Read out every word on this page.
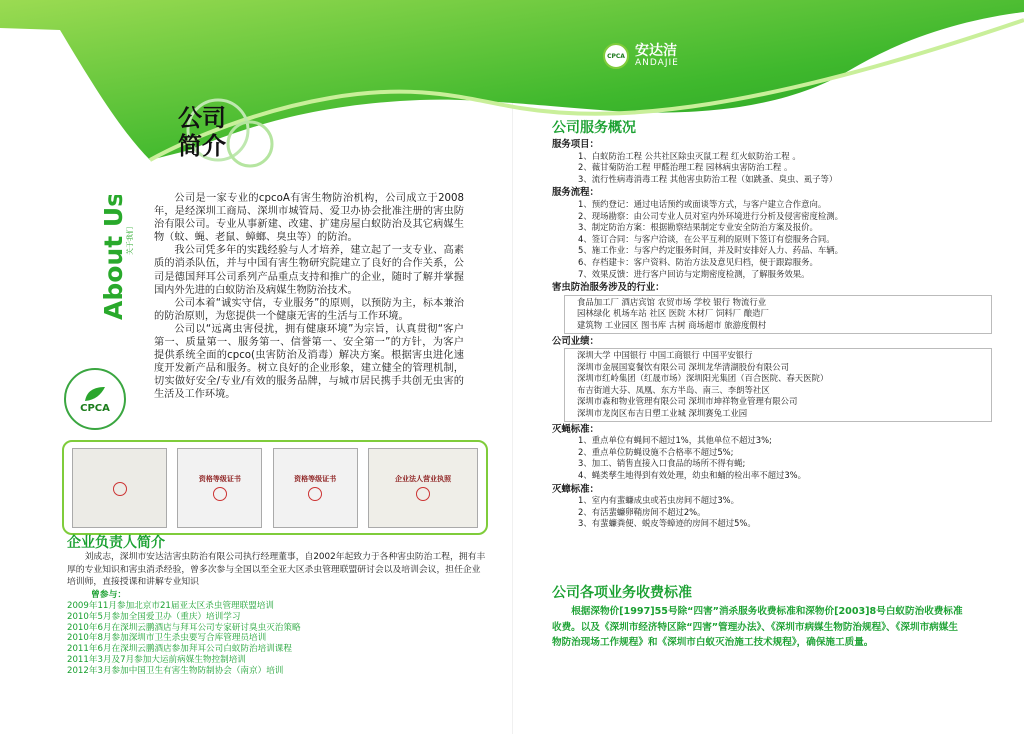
CPCA 安达洁
ANDAJIE
公司
简介
About Us
关于我们
CPCA

公司是一家专业的cpcoA有害生物防治机构，公司成立于2008年，是经深圳工商局、深圳市城管局、爱卫办协会批准注册的害虫防治有限公司。专业从事新建、改建、扩建房屋白蚁防治及其它病媒生物（蚊、蝇、老鼠、蟑螂、臭虫等）的防治。

我公司凭多年的实践经验与人才培养，建立起了一支专业、高素质的消杀队伍，并与中国有害生物研究院建立了良好的合作关系，公司是德国拜耳公司系列产品重点支持和推广的企业，随时了解并掌握国内外先进的白蚁防治及病媒生物防治技术。

公司本着“诚实守信，专业服务”的原则，以预防为主，标本兼治的防治原则，为您提供一个健康无害的生活与工作环境。

公司以“远离虫害侵扰，拥有健康环境”为宗旨，认真贯彻“客户第一、质量第一、服务第一、信誉第一、安全第一”的方针，为客户提供系统全面的cpco(虫害防治及消毒）解决方案。根据害虫进化速度开发新产品和服务。树立良好的企业形象，建立健全的管理机制，切实做好安全/专业/有效的服务品牌，与城市居民携手共创无虫害的生活及工作环境。

资格等级证书	资格等级证书	企业法人营业执照
企业负责人简介
刘成志，深圳市安达洁害虫防治有限公司执行经理董事，自2002年起致力于各种害虫防治工程，拥有丰厚的专业知识和害虫消杀经验，曾多次参与全国以至全亚大区杀虫管理联盟研讨会以及培训会议，担任企业培训师，直接授课和讲解专业知识
曾参与：
2009年11月参加北京市21届亚太区杀虫管理联盟培训
2010年5月参加全国爱卫办（重庆）培训学习
2010年6月在深圳云鹏酒店与拜耳公司专家研讨臭虫灭治策略
2010年8月参加深圳市卫生杀虫要写合库管理员培训
2011年6月在深圳云鹏酒店参加拜耳公司白蚁防治培训课程
2011年3月及7月参加大运前病媒生物控制培训
2012年3月参加中国卫生有害生物防制协会（南京）培训
公司服务概况
服务项目：
1、白蚁防治工程 公共社区除虫灭鼠工程 红火蚁防治工程 。
2、薇甘菊防治工程 甲醛治理工程 园林病虫害防治工程 。
3、流行性病毒消毒工程 其他害虫防治工程（如跳蚤、臭虫、虱子等）
服务流程：
1、预约登记：通过电话预约或面谈等方式，与客户建立合作意向。
2、现场勘察：由公司专业人员对室内外环境进行分析及侵害密度检测。
3、制定防治方案：根据勘察结果制定专业安全防治方案及报价。
4、签订合同：与客户洽谈，在公平互利的原则下签订有偿服务合同。
5、施工作业：与客户约定服务时间，并及时安排好人力、药品、车辆。
6、存档建卡：客户资料、防治方法及意见归档，便于跟踪服务。
7、效果反馈：进行客户回访与定期密度检测，了解服务效果。
害虫防治服务涉及的行业：
食品加工厂 酒店宾馆 农贸市场 学校 银行 物流行业
园林绿化 机场车站 社区 医院 木材厂 饲料厂 酿造厂
建筑物 工业园区 图书库 古树 商场超市 旅游度假村
公司业绩：
深圳大学 中国银行 中国工商银行 中国平安银行
深圳市金展国宴餐饮有限公司 深圳龙华清湖股份有限公司
深圳市红岭集团（红晟市场）深圳阳光集团（百合医院、春天医院）
布吉街道大芬、凤凰、东方半岛、南三、李朗等社区
深圳市森和物业管理有限公司 深圳市坤祥物业管理有限公司
深圳市龙岗区布吉日塑工业城 深圳赛兔工业园
灭蝇标准：
1、重点单位有蝇间不超过1%，其他单位不超过3%;
2、重点单位防蝇设施不合格率不超过5%;
3、加工、销售直接入口食品的场所不得有蝇;
4、蝇类孳生地得到有效处理，幼虫和蛹的检出率不超过3%。
灭蟑标准：
1、室内有蜚蠊成虫或若虫房间不超过3%。
2、有活蜚蠊卵鞘房间不超过2%。
3、有蜚蠊粪便、蜕皮等蟑迹的房间不超过5%。
公司各项业务收费标准
根据深物价[1997]55号除“四害”消杀服务收费标准和深物价[2003]8号白蚁防治收费标准收费。以及《深圳市经济特区除“四害”管理办法》、《深圳市病媒生物防治规程》、《深圳市病媒生物防治现场工作规程》和《深圳市白蚁灭治施工技术规程》，确保施工质量。
